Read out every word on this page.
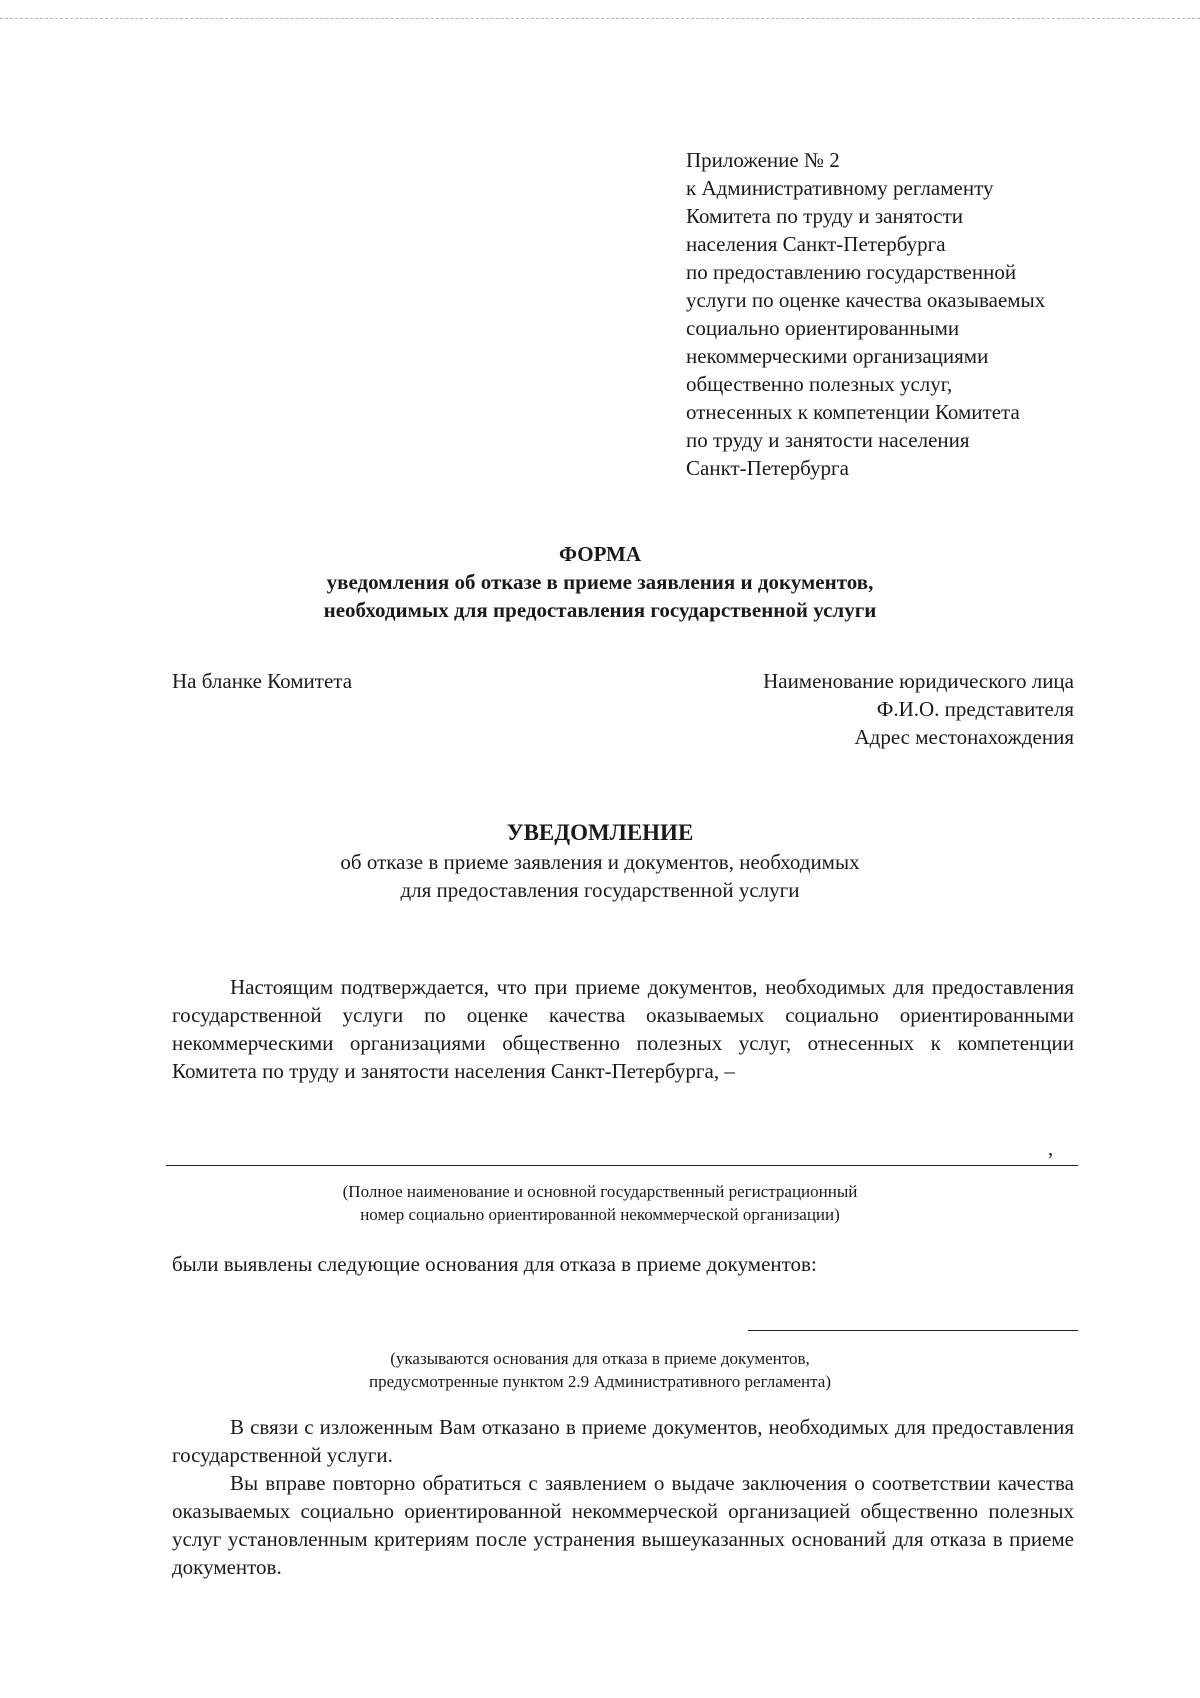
Приложение № 2
к Административному регламенту
Комитета по труду и занятости
населения Санкт-Петербурга
по предоставлению государственной
услуги по оценке качества оказываемых
социально ориентированными
некоммерческими организациями
общественно полезных услуг,
отнесенных к компетенции Комитета
по труду и занятости населения
Санкт-Петербурга
ФОРМА
уведомления об отказе в приеме заявления и документов,
необходимых для предоставления государственной услуги
На бланке Комитета	Наименование юридического лица
Ф.И.О. представителя
Адрес местонахождения
УВЕДОМЛЕНИЕ
об отказе в приеме заявления и документов, необходимых
для предоставления государственной услуги
Настоящим подтверждается, что при приеме документов, необходимых для предоставления государственной услуги по оценке качества оказываемых социально ориентированными некоммерческими организациями общественно полезных услуг, отнесенных к компетенции Комитета по труду и занятости населения Санкт-Петербурга, –
,
(Полное наименование и основной государственный регистрационный
номер социально ориентированной некоммерческой организации)
были выявлены следующие основания для отказа в приеме документов:
(указываются основания для отказа в приеме документов,
предусмотренные пунктом 2.9 Административного регламента)
В связи с изложенным Вам отказано в приеме документов, необходимых для предоставления государственной услуги.
Вы вправе повторно обратиться с заявлением о выдаче заключения о соответствии качества оказываемых социально ориентированной некоммерческой организацией общественно полезных услуг установленным критериям после устранения вышеуказанных оснований для отказа в приеме документов.
